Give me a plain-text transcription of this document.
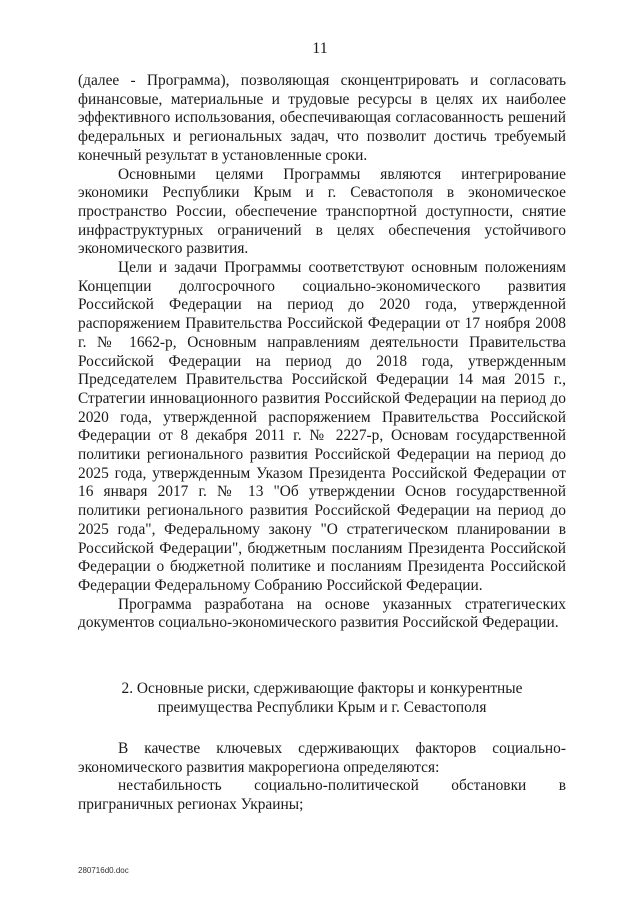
11

(далее - Программа), позволяющая сконцентрировать и согласовать финансовые, материальные и трудовые ресурсы в целях их наиболее эффективного использования, обеспечивающая согласованность решений федеральных и региональных задач, что позволит достичь требуемый конечный результат в установленные сроки.

Основными целями Программы являются интегрирование экономики Республики Крым и г. Севастополя в экономическое пространство России, обеспечение транспортной доступности, снятие инфраструктурных ограничений в целях обеспечения устойчивого экономического развития.

Цели и задачи Программы соответствуют основным положениям Концепции долгосрочного социально-экономического развития Российской Федерации на период до 2020 года, утвержденной распоряжением Правительства Российской Федерации от 17 ноября 2008 г. № 1662-р, Основным направлениям деятельности Правительства Российской Федерации на период до 2018 года, утвержденным Председателем Правительства Российской Федерации 14 мая 2015 г., Стратегии инновационного развития Российской Федерации на период до 2020 года, утвержденной распоряжением Правительства Российской Федерации от 8 декабря 2011 г. № 2227-р, Основам государственной политики регионального развития Российской Федерации на период до 2025 года, утвержденным Указом Президента Российской Федерации от 16 января 2017 г. № 13 "Об утверждении Основ государственной политики регионального развития Российской Федерации на период до 2025 года", Федеральному закону "О стратегическом планировании в Российской Федерации", бюджетным посланиям Президента Российской Федерации о бюджетной политике и посланиям Президента Российской Федерации Федеральному Собранию Российской Федерации.

Программа разработана на основе указанных стратегических документов социально-экономического развития Российской Федерации.

2. Основные риски, сдерживающие факторы и конкурентные
преимущества Республики Крым и г. Севастополя

В качестве ключевых сдерживающих факторов социально-экономического развития макрорегиона определяются:

нестабильность социально-политической обстановки в приграничных регионах Украины;

280716d0.doc
